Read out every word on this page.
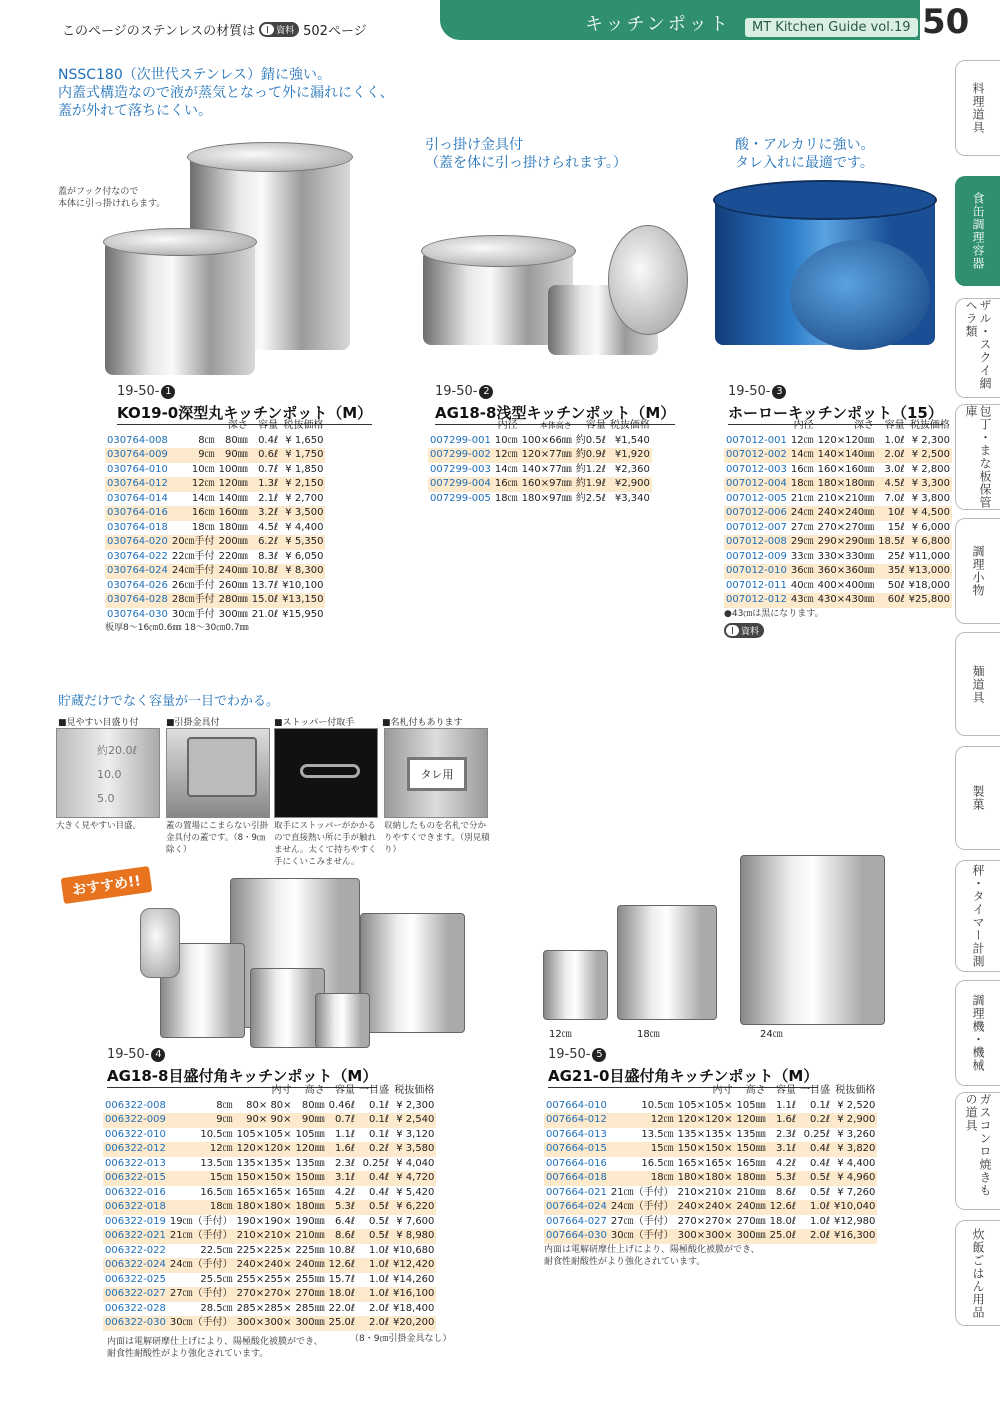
このページのステンレスの材質は 資料 502ページ	キッチンポット	MT Kitchen Guide vol.19 50
料理道具
食缶調理容器
ザル・スクイ網ヘラ類
包丁・まな板保管庫
調理小物
麺道具
製菓
秤・タイマー計測
調理機・機械
ガスコンロ焼きもの道具
炊飯ごはん用品
NSSC180（次世代ステンレス）錆に強い。
内蓋式構造なので液が蒸気となって外に漏れにくく、
蓋が外れて落ちにくい。
蓋がフック付なので
本体に引っ掛けれらます。
引っ掛け金具付
（蓋を体に引っ掛けられます。）
酸・アルカリに強い。
タレ入れに最適です。
19-50- 1
KO19-0深型丸キッチンポット（M）
		深さ	容量	税抜価格
030764-008	8㎝	80㎜	0.4ℓ	¥ 1,650
030764-009	9㎝	90㎜	0.6ℓ	¥ 1,750
030764-010	10㎝	100㎜	0.7ℓ	¥ 1,850
030764-012	12㎝	120㎜	1.3ℓ	¥ 2,150
030764-014	14㎝	140㎜	2.1ℓ	¥ 2,700
030764-016	16㎝	160㎜	3.2ℓ	¥ 3,500
030764-018	18㎝	180㎜	4.5ℓ	¥ 4,400
030764-020	20㎝手付	200㎜	6.2ℓ	¥ 5,350
030764-022	22㎝手付	220㎜	8.3ℓ	¥ 6,050
030764-024	24㎝手付	240㎜	10.8ℓ	¥ 8,300
030764-026	26㎝手付	260㎜	13.7ℓ	¥10,100
030764-028	28㎝手付	280㎜	15.0ℓ	¥13,150
030764-030	30㎝手付	300㎜	21.0ℓ	¥15,950
板厚8～16㎝0.6㎜ 18～30㎝0.7㎜
19-50- 2
AG18-8浅型キッチンポット（M）
	内径	本体高さ	容量	税抜価格
007299-001	10㎝	100×66㎜	約0.5ℓ	¥1,540
007299-002	12㎝	120×77㎜	約0.9ℓ	¥1,920
007299-003	14㎝	140×77㎜	約1.2ℓ	¥2,360
007299-004	16㎝	160×97㎜	約1.9ℓ	¥2,900
007299-005	18㎝	180×97㎜	約2.5ℓ	¥3,340
19-50- 3
ホーローキッチンポット（15）
	内径	深さ	容量	税抜価格
007012-001	12㎝	120×120㎜	1.0ℓ	¥ 2,300
007012-002	14㎝	140×140㎜	2.0ℓ	¥ 2,500
007012-003	16㎝	160×160㎜	3.0ℓ	¥ 2,800
007012-004	18㎝	180×180㎜	4.5ℓ	¥ 3,300
007012-005	21㎝	210×210㎜	7.0ℓ	¥ 3,800
007012-006	24㎝	240×240㎜	10ℓ	¥ 4,500
007012-007	27㎝	270×270㎜	15ℓ	¥ 6,000
007012-008	29㎝	290×290㎜	18.5ℓ	¥ 6,800
007012-009	33㎝	330×330㎜	25ℓ	¥11,000
007012-010	36㎝	360×360㎜	35ℓ	¥13,000
007012-011	40㎝	400×400㎜	50ℓ	¥18,000
007012-012	43㎝	430×430㎜	60ℓ	¥25,800
●43㎝は黒になります。
資料
貯蔵だけでなく容量が一目でわかる。
■見やすい目盛り付	■引掛金具付	■ストッパー付取手	■名札付もあります
約20.0ℓ
10.0
5.0
タレ用
大きく見やすい目盛。	蓋の置場にこまらない引掛金具付の蓋です。（8・9㎝除く）
取手にストッパーがかかるので直接熱い所に手が触れません。太くて持ちやすく手にくいこみません。
収納したものを名札で分かりやすくできます。（別見積り）
おすすめ!!
12㎝	18㎝	24㎝
19-50- 4
AG18-8目盛付角キッチンポット（M）
		内寸	高さ	容量	一目盛	税抜価格
006322-008	8㎝	80× 80×	80㎜	0.46ℓ	0.1ℓ	¥ 2,300
006322-009	9㎝	90× 90×	90㎜	0.7ℓ	0.1ℓ	¥ 2,540
006322-010	10.5㎝	105×105×	105㎜	1.1ℓ	0.1ℓ	¥ 3,120
006322-012	12㎝	120×120×	120㎜	1.6ℓ	0.2ℓ	¥ 3,580
006322-013	13.5㎝	135×135×	135㎜	2.3ℓ	0.25ℓ	¥ 4,040
006322-015	15㎝	150×150×	150㎜	3.1ℓ	0.4ℓ	¥ 4,720
006322-016	16.5㎝	165×165×	165㎜	4.2ℓ	0.4ℓ	¥ 5,420
006322-018	18㎝	180×180×	180㎜	5.3ℓ	0.5ℓ	¥ 6,220
006322-019	19㎝（手付）	190×190×	190㎜	6.4ℓ	0.5ℓ	¥ 7,600
006322-021	21㎝（手付）	210×210×	210㎜	8.6ℓ	0.5ℓ	¥ 8,980
006322-022	22.5㎝	225×225×	225㎜	10.8ℓ	1.0ℓ	¥10,680
006322-024	24㎝（手付）	240×240×	240㎜	12.6ℓ	1.0ℓ	¥12,420
006322-025	25.5㎝	255×255×	255㎜	15.7ℓ	1.0ℓ	¥14,260
006322-027	27㎝（手付）	270×270×	270㎜	18.0ℓ	1.0ℓ	¥16,100
006322-028	28.5㎝	285×285×	285㎜	22.0ℓ	2.0ℓ	¥18,400
006322-030	30㎝（手付）	300×300×	300㎜	25.0ℓ	2.0ℓ	¥20,200
（8・9㎝引掛金具なし）
内面は電解研摩仕上げにより、陽極酸化被膜ができ、
耐食性耐酸性がより強化されています。
19-50- 5
AG21-0目盛付角キッチンポット（M）
		内寸	高さ	容量	一目盛	税抜価格
007664-010	10.5㎝	105×105×	105㎜	1.1ℓ	0.1ℓ	¥ 2,520
007664-012	12㎝	120×120×	120㎜	1.6ℓ	0.2ℓ	¥ 2,900
007664-013	13.5㎝	135×135×	135㎜	2.3ℓ	0.25ℓ	¥ 3,260
007664-015	15㎝	150×150×	150㎜	3.1ℓ	0.4ℓ	¥ 3,820
007664-016	16.5㎝	165×165×	165㎜	4.2ℓ	0.4ℓ	¥ 4,400
007664-018	18㎝	180×180×	180㎜	5.3ℓ	0.5ℓ	¥ 4,960
007664-021	21㎝（手付）	210×210×	210㎜	8.6ℓ	0.5ℓ	¥ 7,260
007664-024	24㎝（手付）	240×240×	240㎜	12.6ℓ	1.0ℓ	¥10,040
007664-027	27㎝（手付）	270×270×	270㎜	18.0ℓ	1.0ℓ	¥12,980
007664-030	30㎝（手付）	300×300×	300㎜	25.0ℓ	2.0ℓ	¥16,300
内面は電解研摩仕上げにより、陽極酸化被膜ができ、
耐食性耐酸性がより強化されています。
